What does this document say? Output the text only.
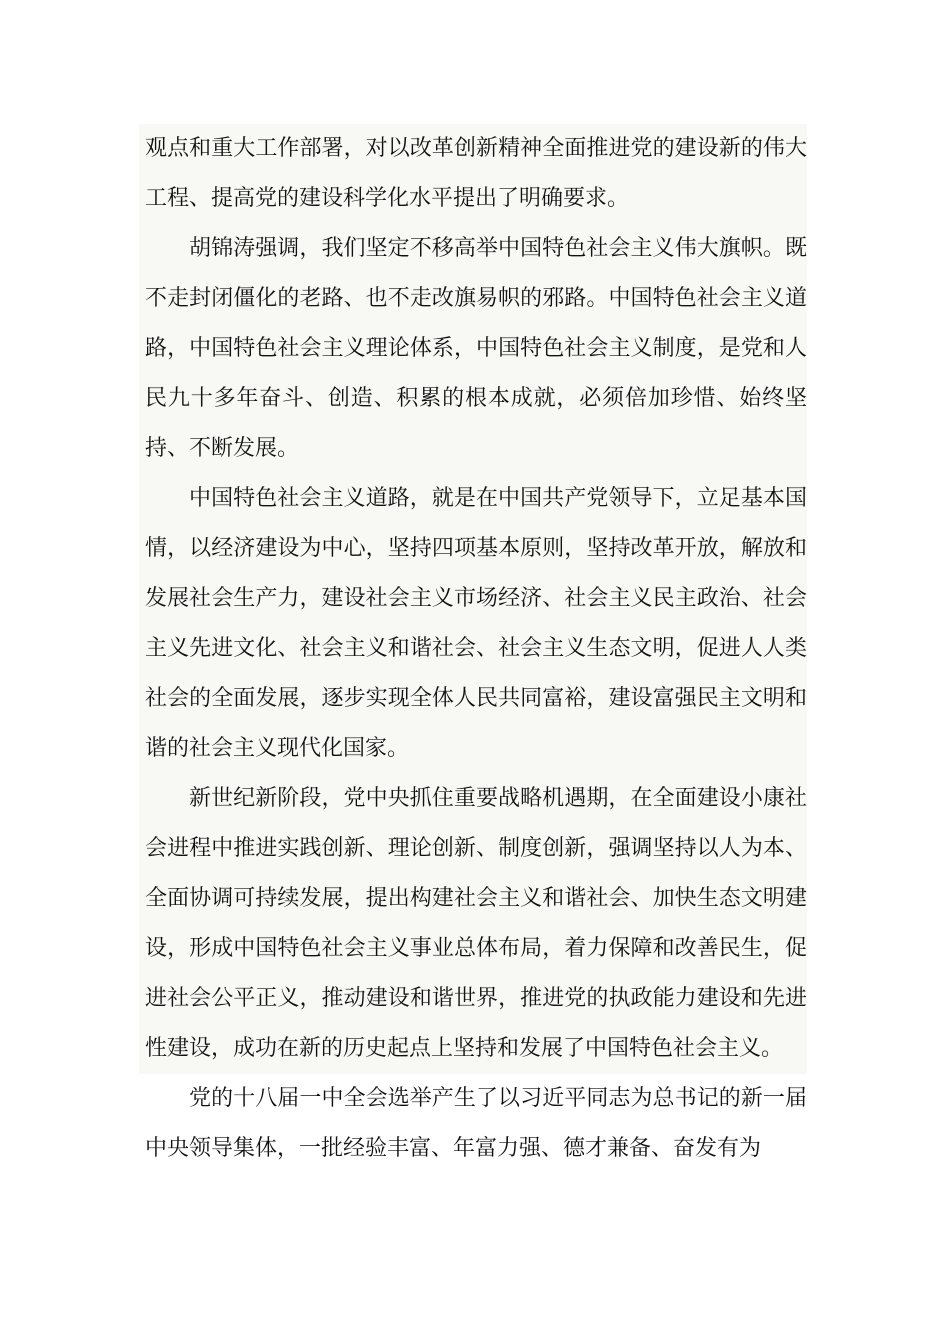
观点和重大工作部署，对以改革创新精神全面推进党的建设新的伟大工程、提高党的建设科学化水平提出了明确要求。

胡锦涛强调，我们坚定不移高举中国特色社会主义伟大旗帜。既不走封闭僵化的老路、也不走改旗易帜的邪路。中国特色社会主义道路，中国特色社会主义理论体系，中国特色社会主义制度，是党和人民九十多年奋斗、创造、积累的根本成就，必须倍加珍惜、始终坚持、不断发展。

中国特色社会主义道路，就是在中国共产党领导下，立足基本国情，以经济建设为中心，坚持四项基本原则，坚持改革开放，解放和发展社会生产力，建设社会主义市场经济、社会主义民主政治、社会主义先进文化、社会主义和谐社会、社会主义生态文明，促进人人类社会的全面发展，逐步实现全体人民共同富裕，建设富强民主文明和谐的社会主义现代化国家。

新世纪新阶段，党中央抓住重要战略机遇期，在全面建设小康社会进程中推进实践创新、理论创新、制度创新，强调坚持以人为本、全面协调可持续发展，提出构建社会主义和谐社会、加快生态文明建设，形成中国特色社会主义事业总体布局，着力保障和改善民生，促进社会公平正义，推动建设和谐世界，推进党的执政能力建设和先进性建设，成功在新的历史起点上坚持和发展了中国特色社会主义。

党的十八届一中全会选举产生了以习近平同志为总书记的新一届中央领导集体，一批经验丰富、年富力强、德才兼备、奋发有为
